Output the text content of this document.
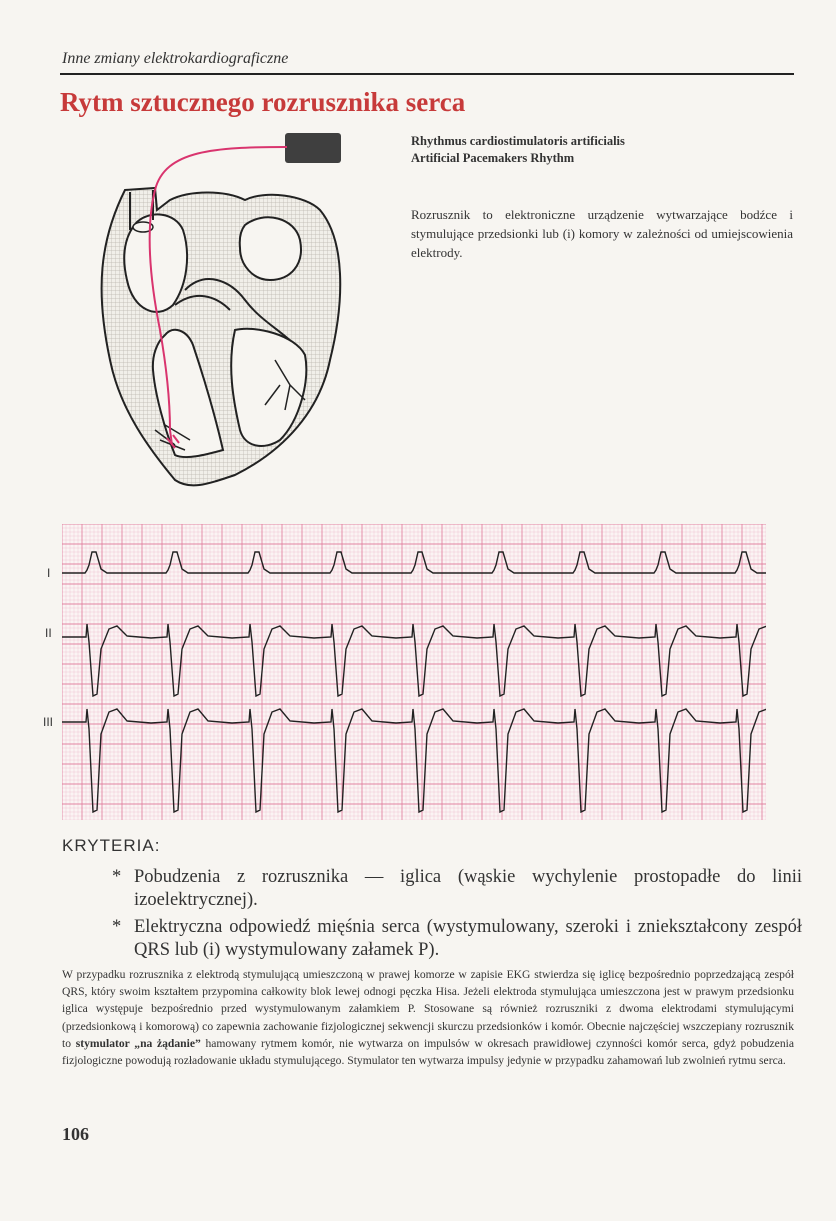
Inne zmiany elektrokardiograficzne
Rytm sztucznego rozrusznika serca
Rhythmus cardiostimulatoris artificialis
Artificial Pacemakers Rhythm

Rozrusznik to elektroniczne urządzenie wytwarzające bodźce i stymulujące przedsionki lub (i) komory w zależności od umiejscowienia elektrody.

I
II
III
KRYTERIA:
* Pobudzenia z rozrusznika — iglica (wąskie wychylenie prostopadłe do linii izoelektrycznej).
* Elektryczna odpowiedź mięśnia serca (wystymulowany, szeroki i zniekształcony zespół QRS lub (i) wystymulowany załamek P).

W przypadku rozrusznika z elektrodą stymulującą umieszczoną w prawej komorze w zapisie EKG stwierdza się iglicę bezpośrednio poprzedzającą zespół QRS, który swoim kształtem przypomina całkowity blok lewej odnogi pęczka Hisa. Jeżeli elektroda stymulująca umieszczona jest w prawym przedsionku iglica występuje bezpośrednio przed wystymulowanym załamkiem P. Stosowane są również rozruszniki z dwoma elektrodami stymulującymi (przedsionkową i komorową) co zapewnia zachowanie fizjologicznej sekwencji skurczu przedsionków i komór. Obecnie najczęściej wszczepiany rozrusznik to stymulator „na żądanie” hamowany rytmem komór, nie wytwarza on impulsów w okresach prawidłowej czynności komór serca, gdyż pobudzenia fizjologiczne powodują rozładowanie układu stymulującego. Stymulator ten wytwarza impulsy jedynie w przypadku zahamowań lub zwolnień rytmu serca.

106
